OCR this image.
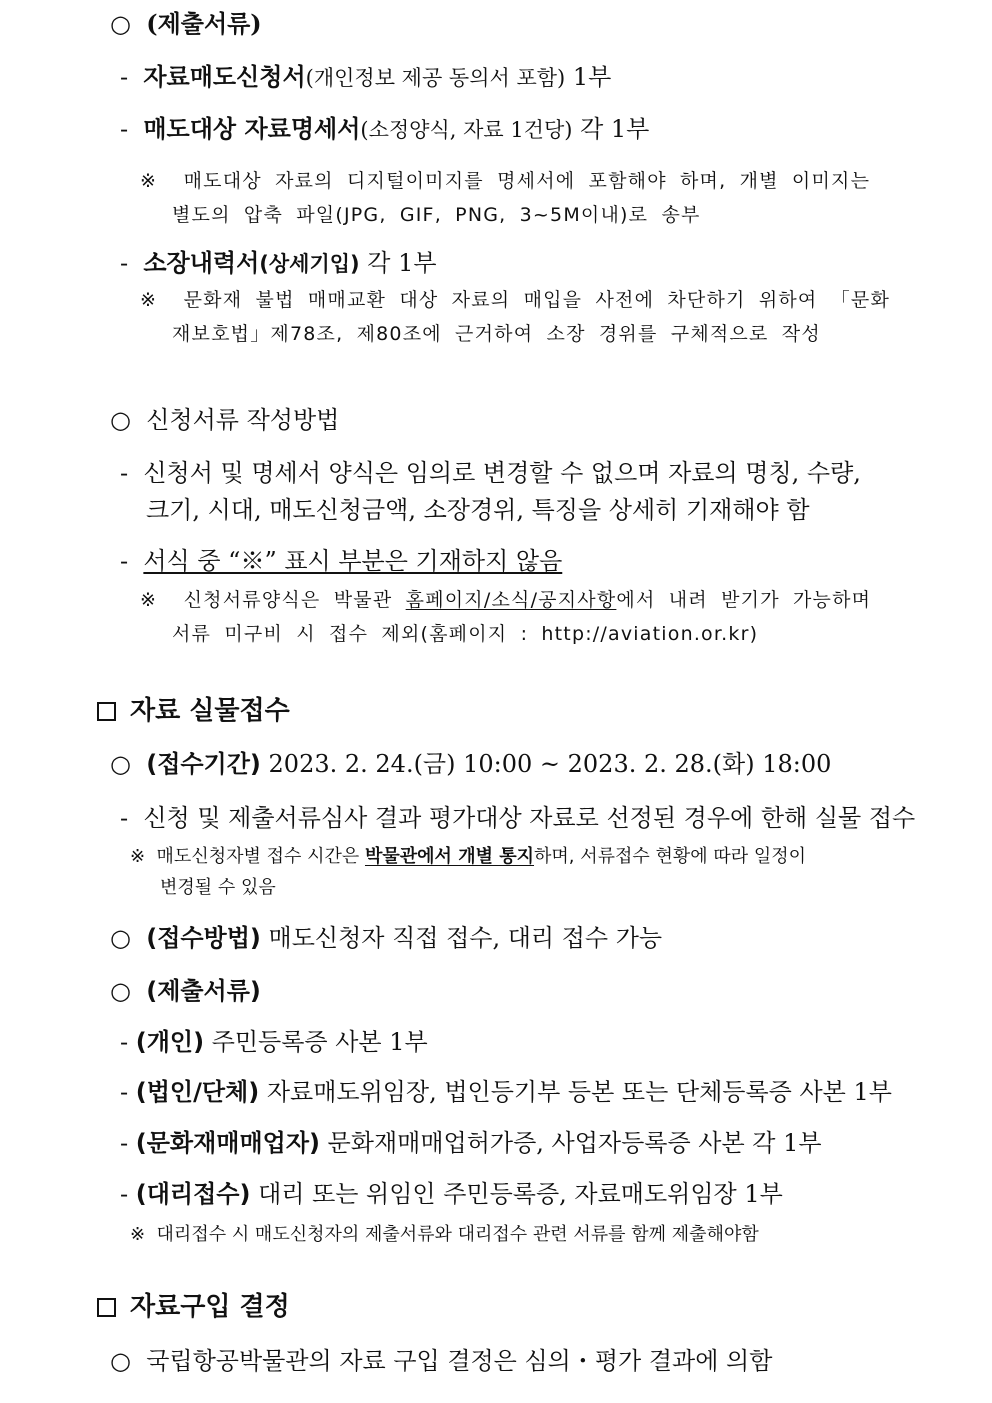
○ (제출서류)
- 자료매도신청서(개인정보 제공 동의서 포함) 1부
- 매도대상 자료명세서(소정양식, 자료 1건당) 각 1부
※ 매도대상 자료의 디지털이미지를 명세서에 포함해야 하며, 개별 이미지는
별도의 압축 파일(JPG, GIF, PNG, 3~5M이내)로 송부
- 소장내력서(상세기입) 각 1부
※ 문화재 불법 매매교환 대상 자료의 매입을 사전에 차단하기 위하여 「문화
재보호법」제78조, 제80조에 근거하여 소장 경위를 구체적으로 작성
○ 신청서류 작성방법
- 신청서 및 명세서 양식은 임의로 변경할 수 없으며 자료의 명칭, 수량,
크기, 시대, 매도신청금액, 소장경위, 특징을 상세히 기재해야 함
- 서식 중 “※” 표시 부분은 기재하지 않음
※ 신청서류양식은 박물관 홈페이지/소식/공지사항에서 내려 받기가 가능하며
서류 미구비 시 접수 제외(홈페이지 : http://aviation.or.kr)
자료 실물접수
○ (접수기간) 2023. 2. 24.(금) 10:00 ~ 2023. 2. 28.(화) 18:00
- 신청 및 제출서류심사 결과 평가대상 자료로 선정된 경우에 한해 실물 접수
※ 매도신청자별 접수 시간은 박물관에서 개별 통지하며, 서류접수 현황에 따라 일정이
변경될 수 있음
○ (접수방법) 매도신청자 직접 접수, 대리 접수 가능
○ (제출서류)
- (개인) 주민등록증 사본 1부
- (법인/단체) 자료매도위임장, 법인등기부 등본 또는 단체등록증 사본 1부
- (문화재매매업자) 문화재매매업허가증, 사업자등록증 사본 각 1부
- (대리접수) 대리 또는 위임인 주민등록증, 자료매도위임장 1부
※ 대리접수 시 매도신청자의 제출서류와 대리접수 관련 서류를 함께 제출해야함
자료구입 결정
○ 국립항공박물관의 자료 구입 결정은 심의・평가 결과에 의함
